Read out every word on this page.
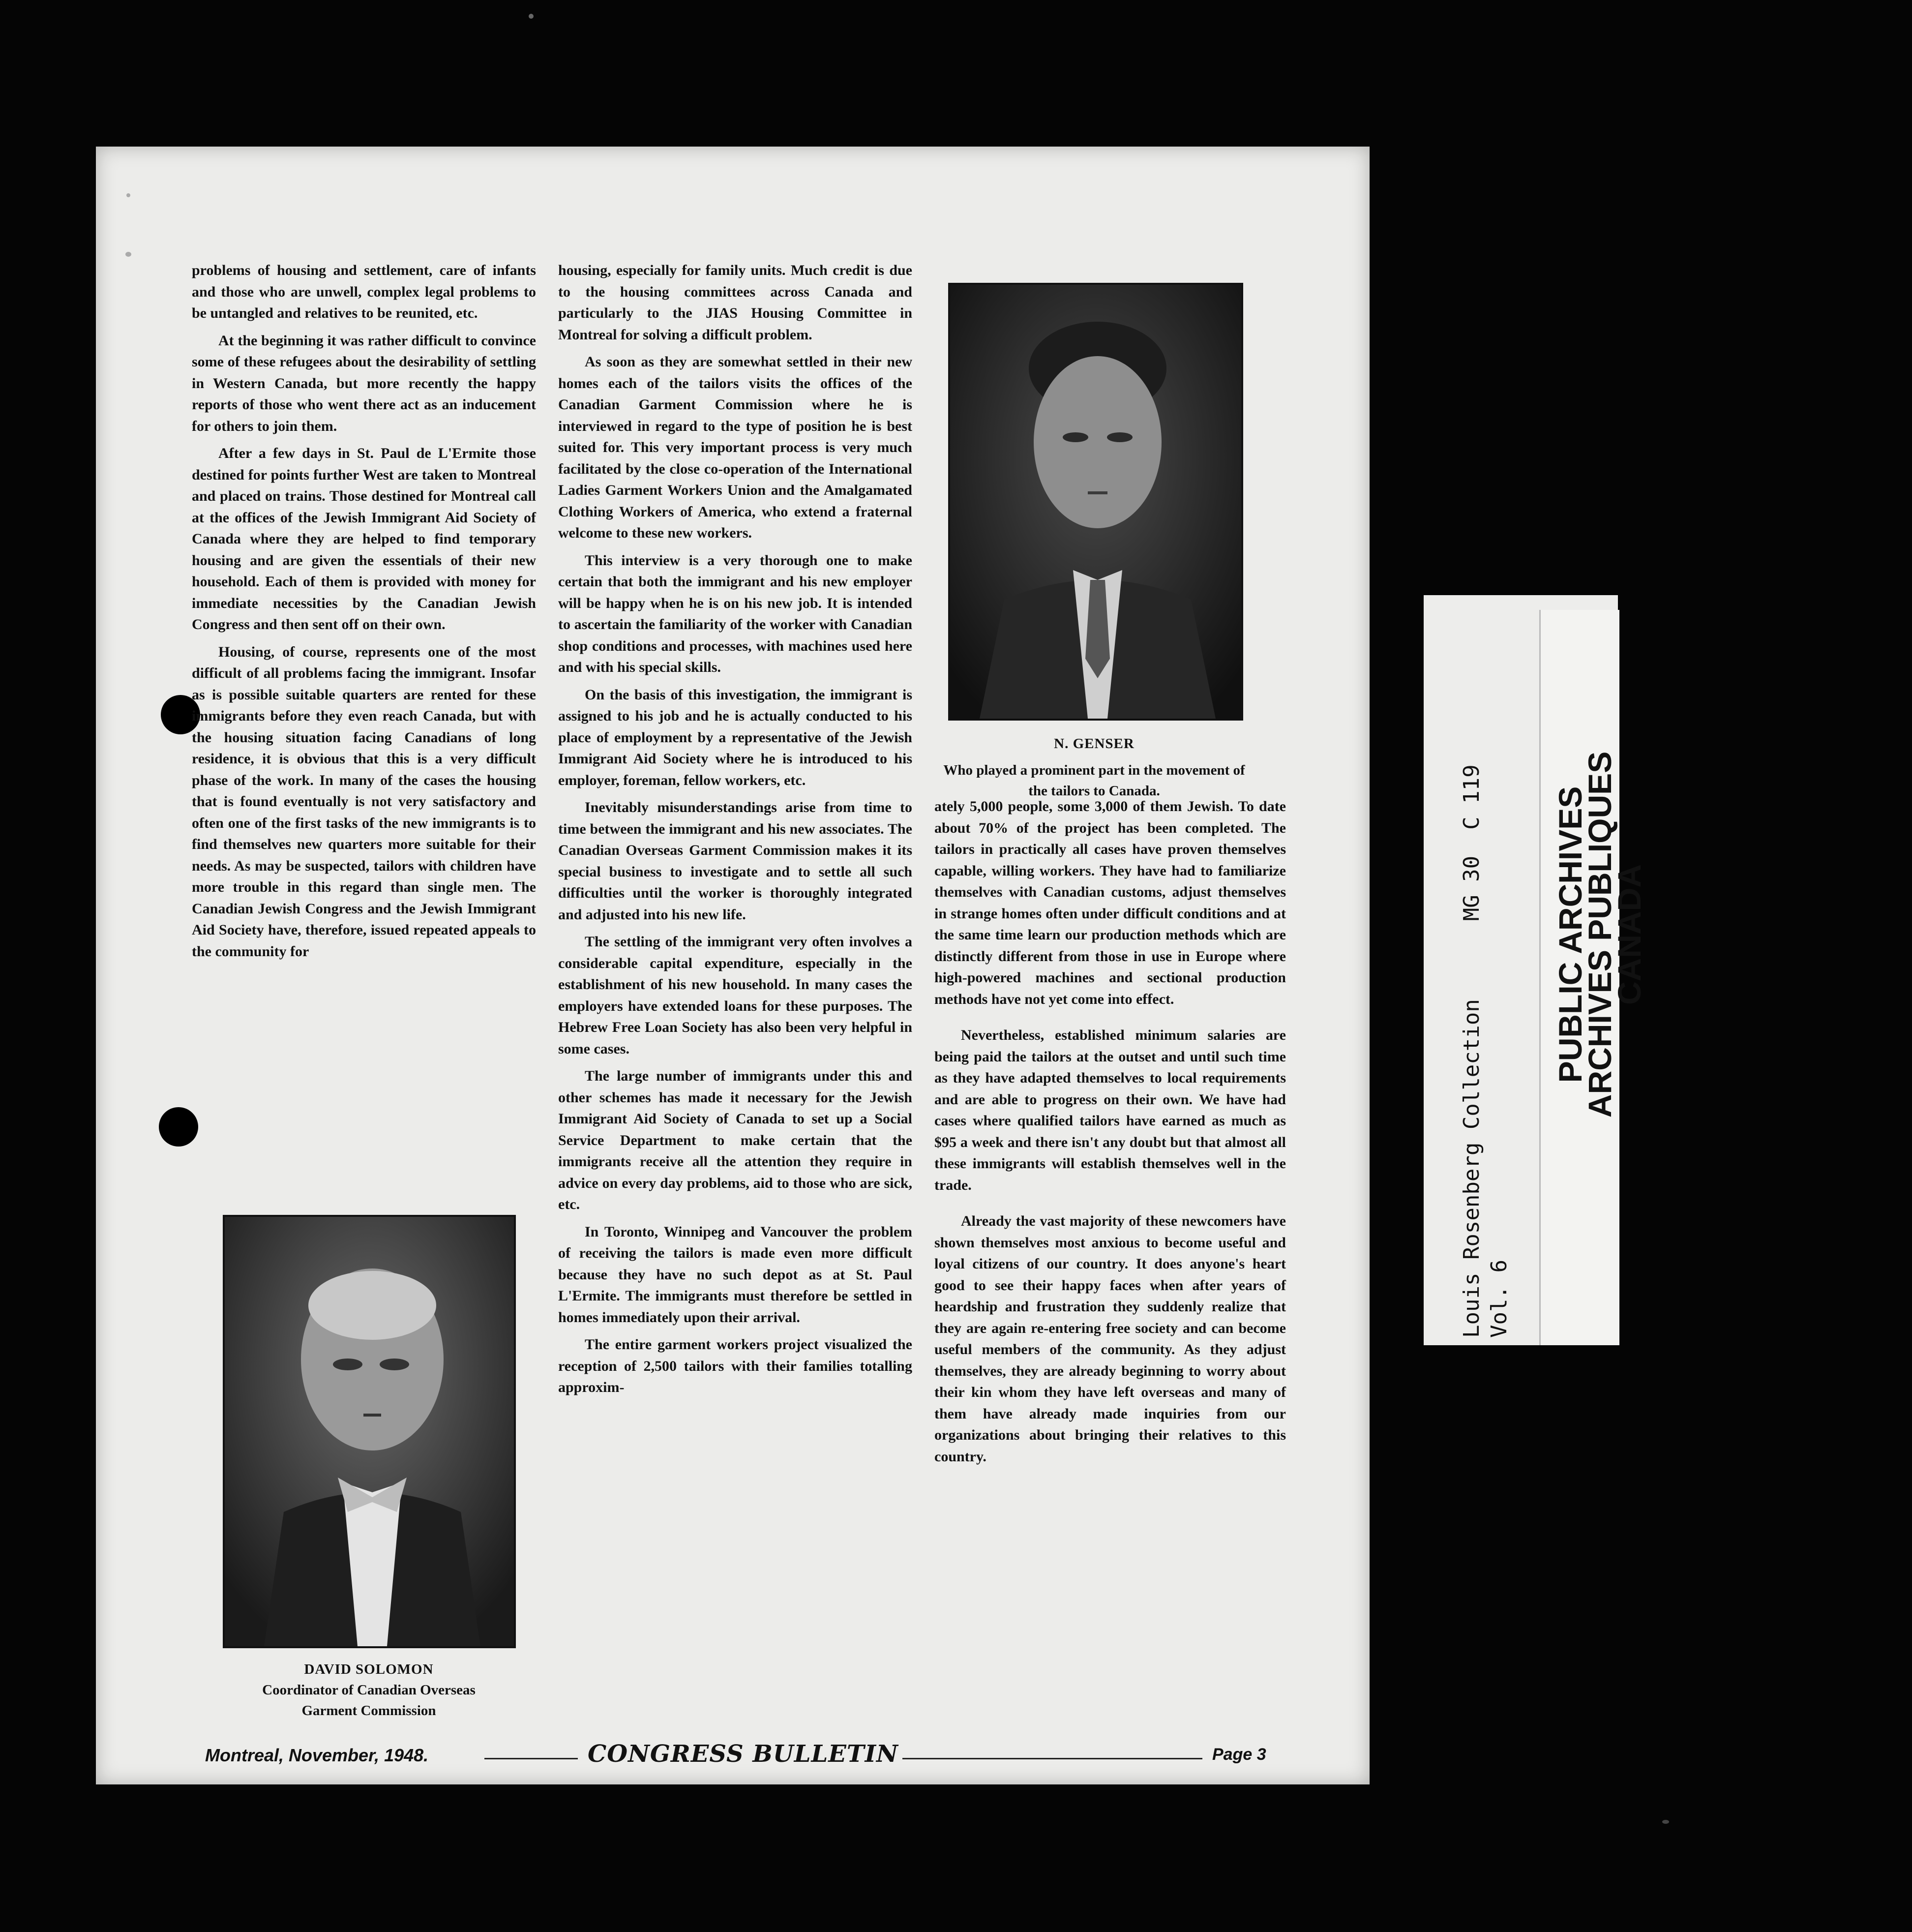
problems of housing and settlement, care of infants and those who are unwell, complex legal problems to be untangled and relatives to be reunited, etc.

At the beginning it was rather difficult to convince some of these refugees about the desirability of settling in Western Canada, but more recently the happy reports of those who went there act as an inducement for others to join them.

After a few days in St. Paul de L'Ermite those destined for points further West are taken to Montreal and placed on trains. Those destined for Montreal call at the offices of the Jewish Immigrant Aid Society of Canada where they are helped to find temporary housing and are given the essentials of their new household. Each of them is provided with money for immediate necessities by the Canadian Jewish Congress and then sent off on their own.

Housing, of course, represents one of the most difficult of all problems facing the immigrant. Insofar as is possible suitable quarters are rented for these immigrants before they even reach Canada, but with the housing situation facing Canadians of long residence, it is obvious that this is a very difficult phase of the work. In many of the cases the housing that is found eventually is not very satisfactory and often one of the first tasks of the new immigrants is to find themselves new quarters more suitable for their needs. As may be suspected, tailors with children have more trouble in this regard than single men. The Canadian Jewish Congress and the Jewish Immigrant Aid Society have, therefore, issued repeated appeals to the community for

DAVID SOLOMON
Coordinator of Canadian Overseas
Garment Commission

housing, especially for family units. Much credit is due to the housing committees across Canada and particularly to the JIAS Housing Committee in Montreal for solving a difficult problem.

As soon as they are somewhat settled in their new homes each of the tailors visits the offices of the Canadian Garment Commission where he is interviewed in regard to the type of position he is best suited for. This very important process is very much facilitated by the close co-operation of the International Ladies Garment Workers Union and the Amalgamated Clothing Workers of America, who extend a fraternal welcome to these new workers.

This interview is a very thorough one to make certain that both the immigrant and his new employer will be happy when he is on his new job. It is intended to ascertain the familiarity of the worker with Canadian shop conditions and processes, with machines used here and with his special skills.

On the basis of this investigation, the immigrant is assigned to his job and he is actually conducted to his place of employment by a representative of the Jewish Immigrant Aid Society where he is introduced to his employer, foreman, fellow workers, etc.

Inevitably misunderstandings arise from time to time between the immigrant and his new associates. The Canadian Overseas Garment Commission makes it its special business to investigate and to settle all such difficulties until the worker is thoroughly integrated and adjusted into his new life.

The settling of the immigrant very often involves a considerable capital expenditure, especially in the establishment of his new household. In many cases the employers have extended loans for these purposes. The Hebrew Free Loan Society has also been very helpful in some cases.

The large number of immigrants under this and other schemes has made it necessary for the Jewish Immigrant Aid Society of Canada to set up a Social Service Department to make certain that the immigrants receive all the attention they require in advice on every day problems, aid to those who are sick, etc.

In Toronto, Winnipeg and Vancouver the problem of receiving the tailors is made even more difficult because they have no such depot as at St. Paul L'Ermite. The immigrants must therefore be settled in homes immediately upon their arrival.

The entire garment workers project visualized the reception of 2,500 tailors with their families totalling approxim-

N. GENSER
Who played a prominent part in the movement of the tailors to Canada.

ately 5,000 people, some 3,000 of them Jewish. To date about 70% of the project has been completed. The tailors in practically all cases have proven themselves capable, willing workers. They have had to familiarize themselves with Canadian customs, adjust themselves in strange homes often under difficult conditions and at the same time learn our production methods which are distinctly different from those in use in Europe where high-powered machines and sectional production methods have not yet come into effect.

Nevertheless, established minimum salaries are being paid the tailors at the outset and until such time as they have adapted themselves to local requirements and are able to progress on their own. We have had cases where qualified tailors have earned as much as $95 a week and there isn't any doubt but that almost all these immigrants will establish themselves well in the trade.

Already the vast majority of these newcomers have shown themselves most anxious to become useful and loyal citizens of our country. It does anyone's heart good to see their happy faces when after years of heardship and frustration they suddenly realize that they are again re-entering free society and can become useful members of the community. As they adjust themselves, they are already beginning to worry about their kin whom they have left overseas and many of them have already made inquiries from our organizations about bringing their relatives to this country.

Montreal, November, 1948.	CONGRESS BULLETIN	Page 3
Louis Rosenberg Collection      MG 30  C 119 Vol. 6
PUBLIC ARCHIVES
ARCHIVES PUBLIQUES
CANADA
